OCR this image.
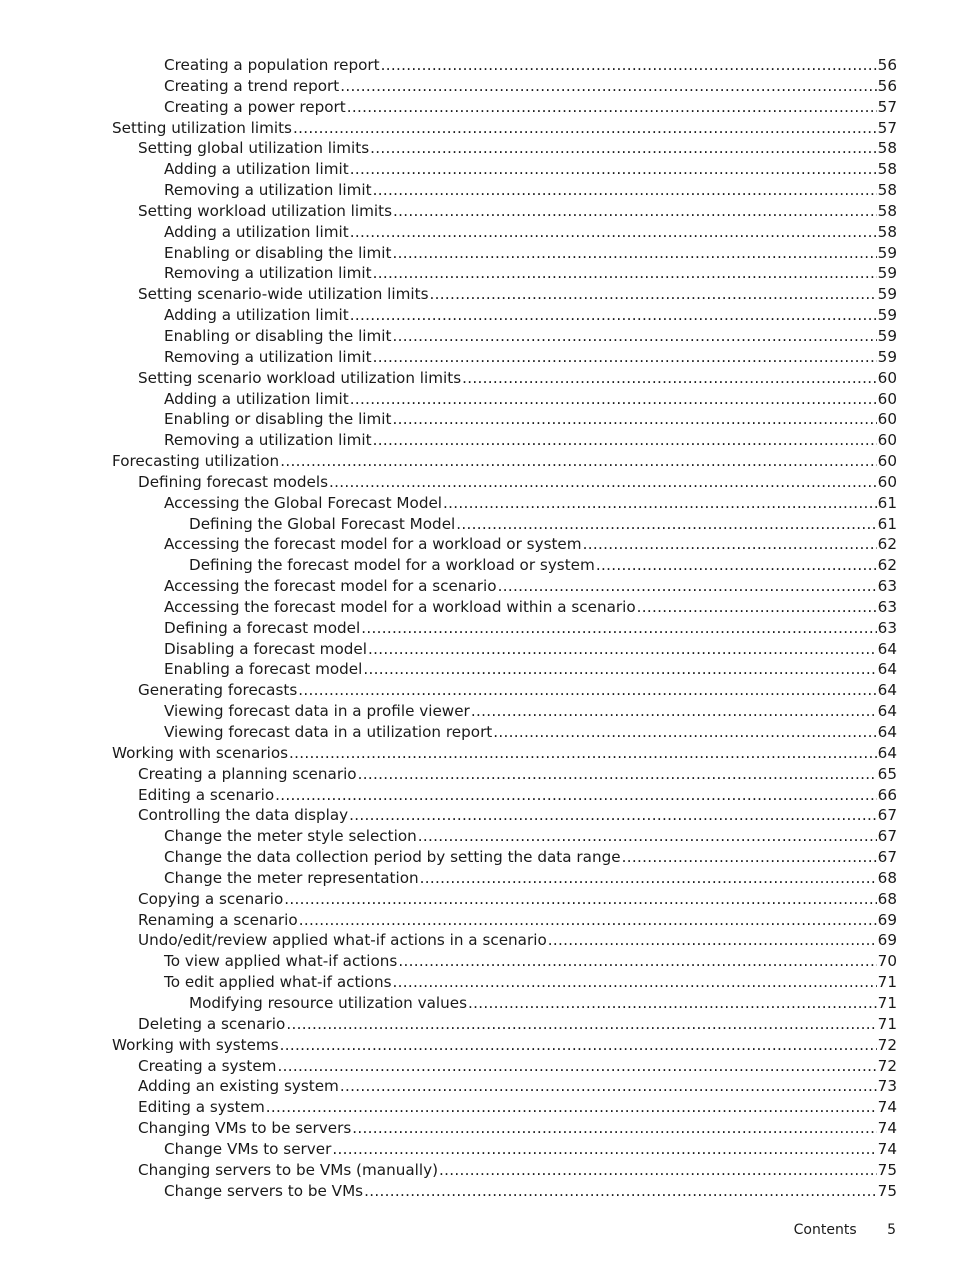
Creating a population report .....	56
Creating a trend report .....	56
Creating a power report .....	57
Setting utilization limits .....	57
Setting global utilization limits .....	58
Adding a utilization limit .....	58
Removing a utilization limit .....	58
Setting workload utilization limits .....	58
Adding a utilization limit .....	58
Enabling or disabling the limit .....	59
Removing a utilization limit .....	59
Setting scenario-wide utilization limits .....	59
Adding a utilization limit .....	59
Enabling or disabling the limit .....	59
Removing a utilization limit .....	59
Setting scenario workload utilization limits .....	60
Adding a utilization limit .....	60
Enabling or disabling the limit .....	60
Removing a utilization limit .....	60
Forecasting utilization .....	60
Defining forecast models .....	60
Accessing the Global Forecast Model .....	61
Defining the Global Forecast Model .....	61
Accessing the forecast model for a workload or system .....	62
Defining the forecast model for a workload or system .....	62
Accessing the forecast model for a scenario .....	63
Accessing the forecast model for a workload within a scenario .....	63
Defining a forecast model .....	63
Disabling a forecast model .....	64
Enabling a forecast model .....	64
Generating forecasts .....	64
Viewing forecast data in a profile viewer .....	64
Viewing forecast data in a utilization report .....	64
Working with scenarios .....	64
Creating a planning scenario .....	65
Editing a scenario .....	66
Controlling the data display .....	67
Change the meter style selection .....	67
Change the data collection period by setting the data range .....	67
Change the meter representation .....	68
Copying a scenario .....	68
Renaming a scenario .....	69
Undo/edit/review applied what-if actions in a scenario .....	69
To view applied what-if actions .....	70
To edit applied what-if actions .....	71
Modifying resource utilization values .....	71
Deleting a scenario .....	71
Working with systems .....	72
Creating a system .....	72
Adding an existing system .....	73
Editing a system .....	74
Changing VMs to be servers .....	74
Change VMs to server .....	74
Changing servers to be VMs (manually) .....	75
Change servers to be VMs .....	75
Contents 5
